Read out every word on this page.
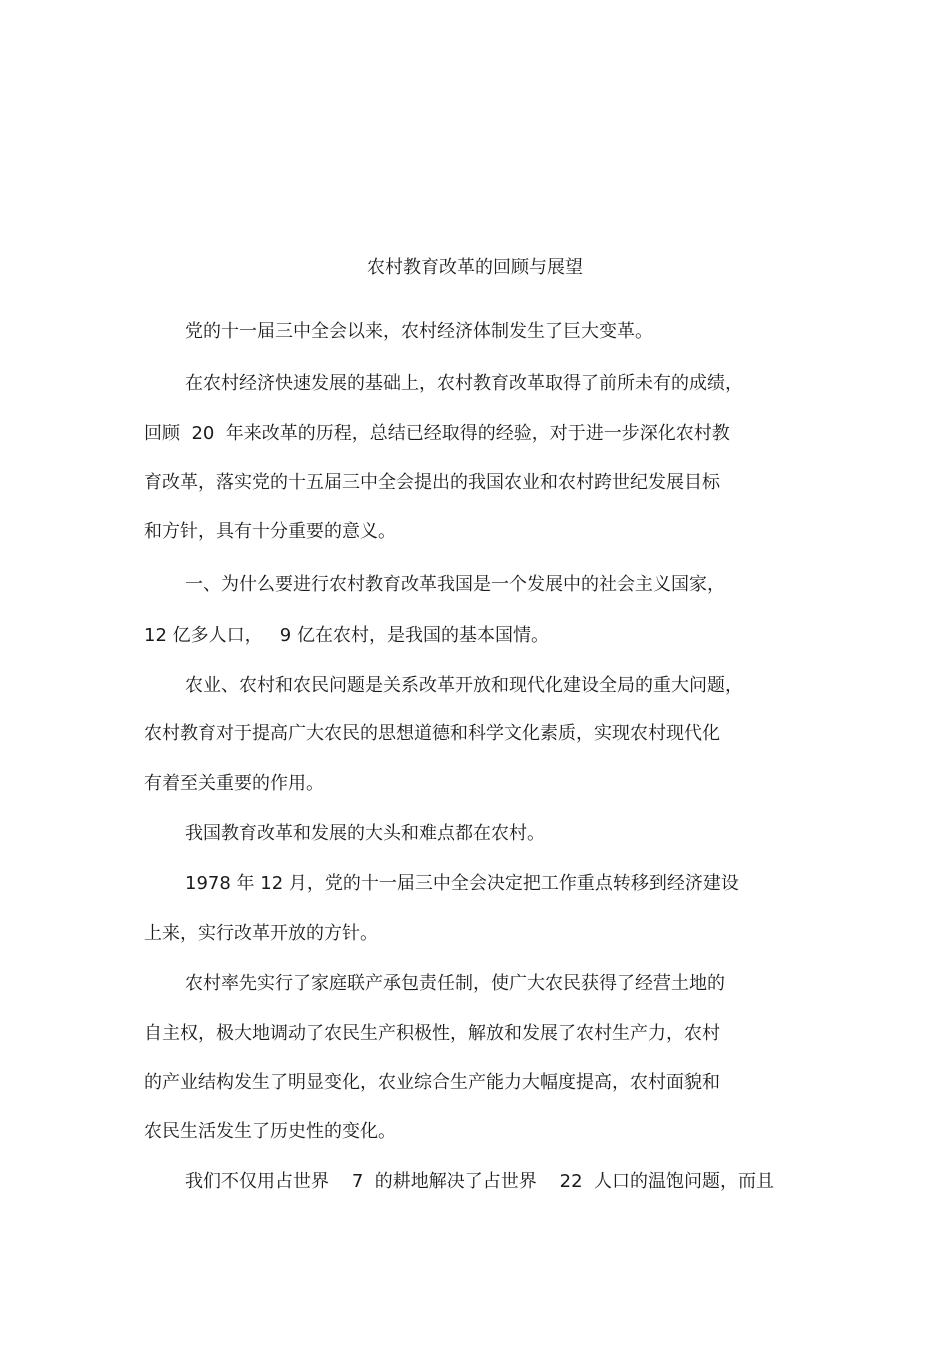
农村教育改革的回顾与展望
党的十一届三中全会以来，农村经济体制发生了巨大变革。
在农村经济快速发展的基础上，农村教育改革取得了前所未有的成绩，
回顾  20  年来改革的历程，总结已经取得的经验，对于进一步深化农村教
育改革，落实党的十五届三中全会提出的我国农业和农村跨世纪发展目标
和方针，具有十分重要的意义。
一、为什么要进行农村教育改革我国是一个发展中的社会主义国家，
12 亿多人口，   9 亿在农村，是我国的基本国情。
农业、农村和农民问题是关系改革开放和现代化建设全局的重大问题，
农村教育对于提高广大农民的思想道德和科学文化素质，实现农村现代化
有着至关重要的作用。
我国教育改革和发展的大头和难点都在农村。
1978 年 12 月，党的十一届三中全会决定把工作重点转移到经济建设
上来，实行改革开放的方针。
农村率先实行了家庭联产承包责任制，使广大农民获得了经营土地的
自主权，极大地调动了农民生产积极性，解放和发展了农村生产力，农村
的产业结构发生了明显变化，农业综合生产能力大幅度提高，农村面貌和
农民生活发生了历史性的变化。
我们不仅用占世界    7  的耕地解决了占世界    22  人口的温饱问题，而且
